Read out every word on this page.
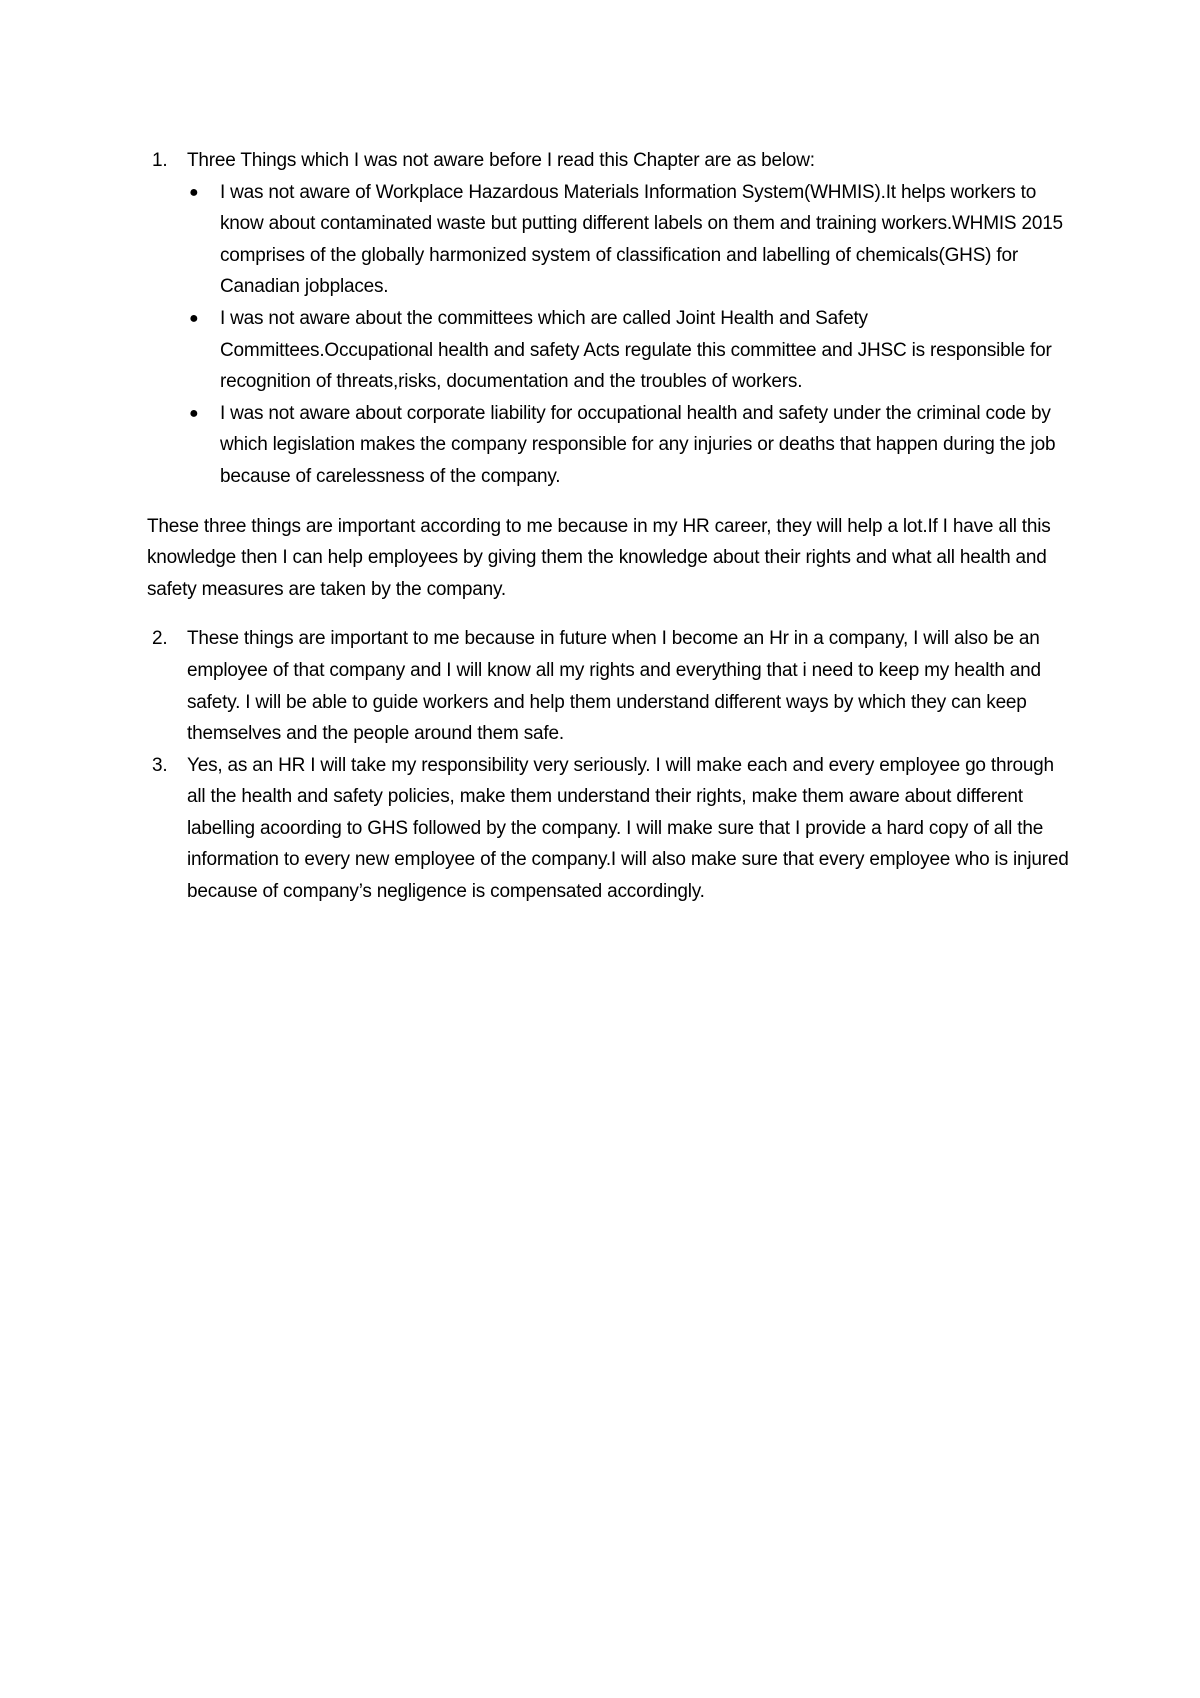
1. Three Things which I was not aware before I read this Chapter are as below:

● I was not aware of Workplace Hazardous Materials Information System(WHMIS).It helps workers to know about contaminated waste but putting different labels on them and training workers.WHMIS 2015 comprises of the globally harmonized system of classification and labelling of chemicals(GHS) for Canadian jobplaces.
● I was not aware about the committees which are called Joint Health and Safety Committees.Occupational health and safety Acts regulate this committee and JHSC is responsible for recognition of threats,risks, documentation and the troubles of workers.
● I was not aware about corporate liability for occupational health and safety under the criminal code by which legislation makes the company responsible for any injuries or deaths that happen during the job because of carelessness of the company.

These three things are important according to me because in my HR career, they will help a lot.If I have all this knowledge then I can help employees by giving them the knowledge about their rights and what all health and safety measures are taken by the company.

2. These things are important to me because in future when I become an Hr in a company, I will also be an employee of that company and I will know all my rights and everything that i need to keep my health and safety. I will be able to guide workers and help them understand different ways by which they can keep themselves and the people around them safe.

3. Yes, as an HR I will take my responsibility very seriously. I will make each and every employee go through all the health and safety policies, make them understand their rights, make them aware about different labelling acoording to GHS followed by the company. I will make sure that I provide a hard copy of all the information to every new employee of the company.I will also make sure that every employee who is injured because of company’s negligence is compensated accordingly.
